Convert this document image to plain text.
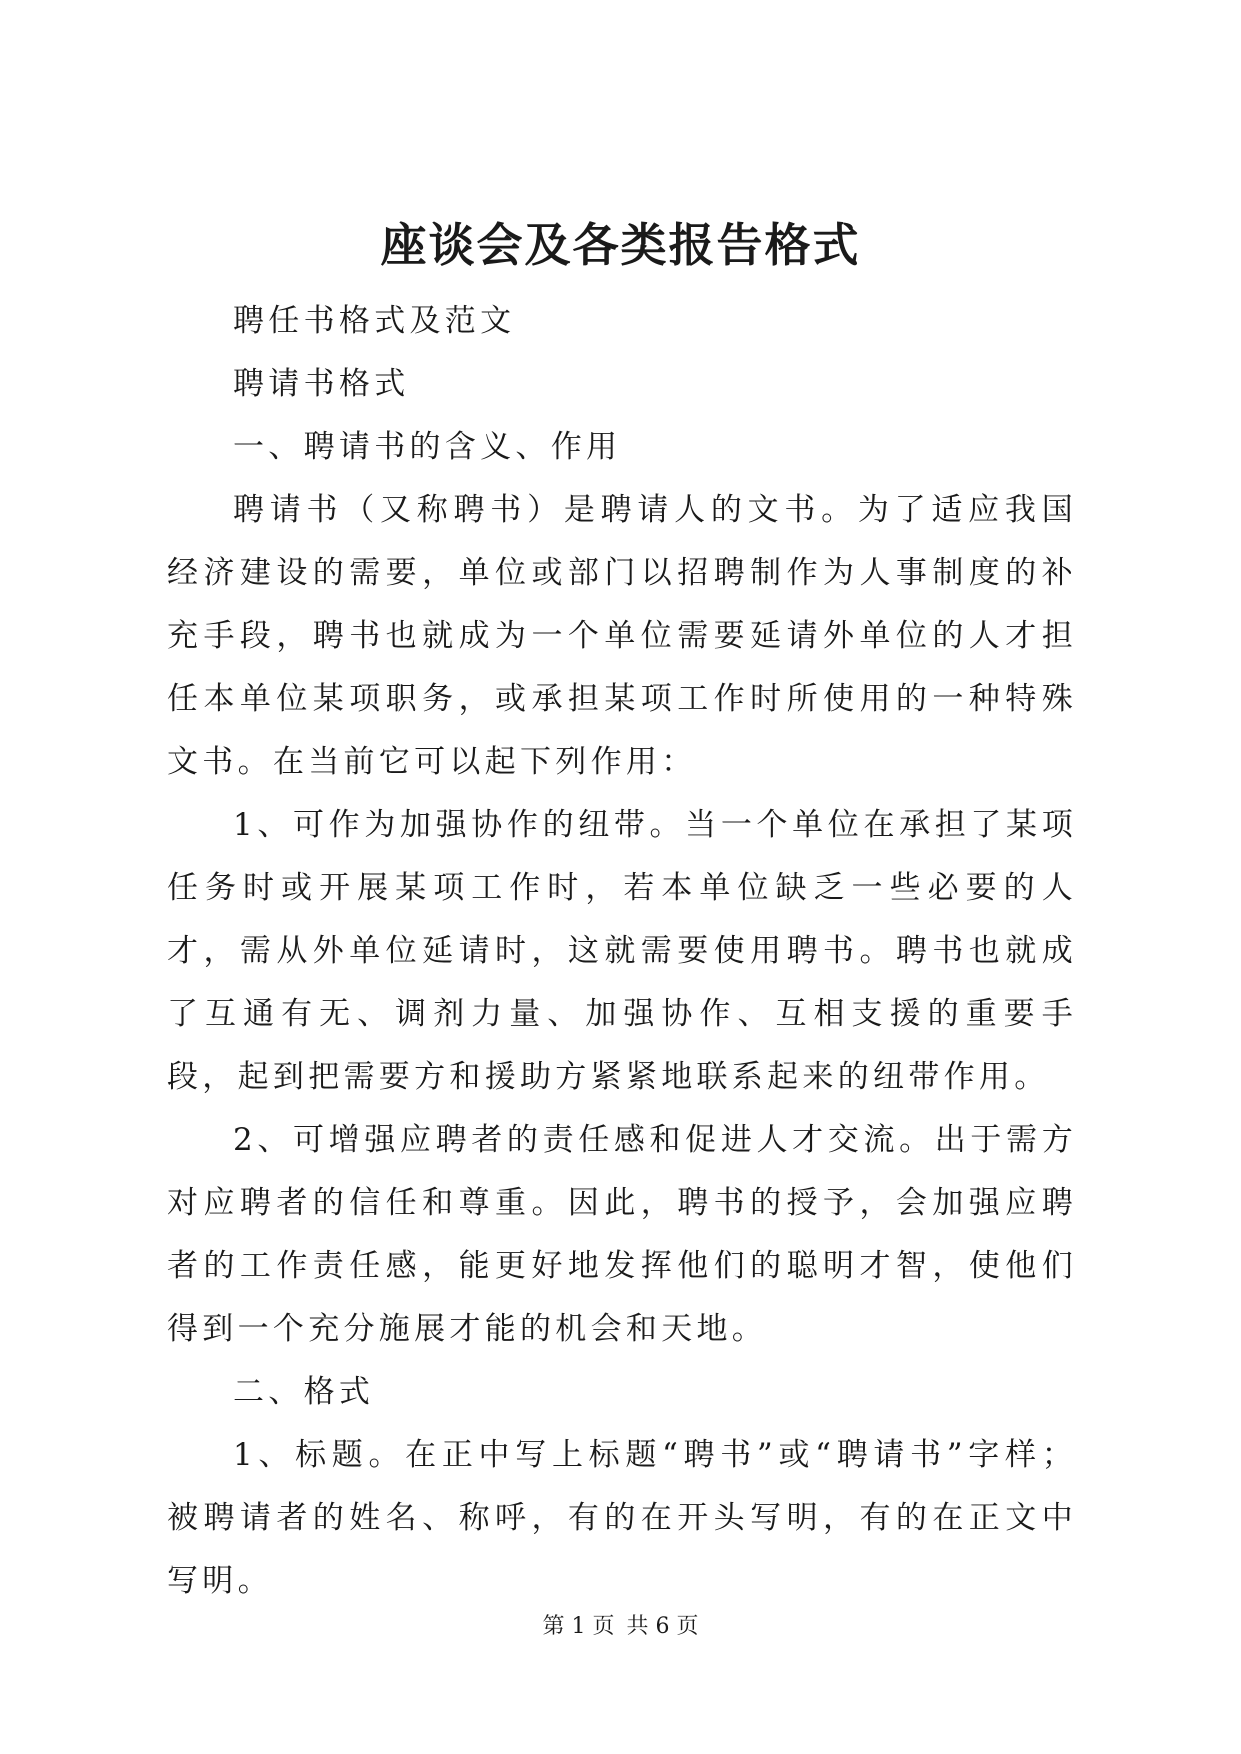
座谈会及各类报告格式

聘任书格式及范文

聘请书格式

一、聘请书的含义、作用

聘请书（又称聘书）是聘请人的文书。为了适应我国经济建设的需要，单位或部门以招聘制作为人事制度的补充手段，聘书也就成为一个单位需要延请外单位的人才担任本单位某项职务，或承担某项工作时所使用的一种特殊文书。在当前它可以起下列作用：

1、可作为加强协作的纽带。当一个单位在承担了某项任务时或开展某项工作时，若本单位缺乏一些必要的人才，需从外单位延请时，这就需要使用聘书。聘书也就成了互通有无、调剂力量、加强协作、互相支援的重要手段，起到把需要方和援助方紧紧地联系起来的纽带作用。

2、可增强应聘者的责任感和促进人才交流。出于需方对应聘者的信任和尊重。因此，聘书的授予，会加强应聘者的工作责任感，能更好地发挥他们的聪明才智，使他们得到一个充分施展才能的机会和天地。

二、格式

1、标题。在正中写上标题“聘书”或“聘请书”字样；被聘请者的姓名、称呼，有的在开头写明，有的在正文中写明。

第 1 页 共 6 页
